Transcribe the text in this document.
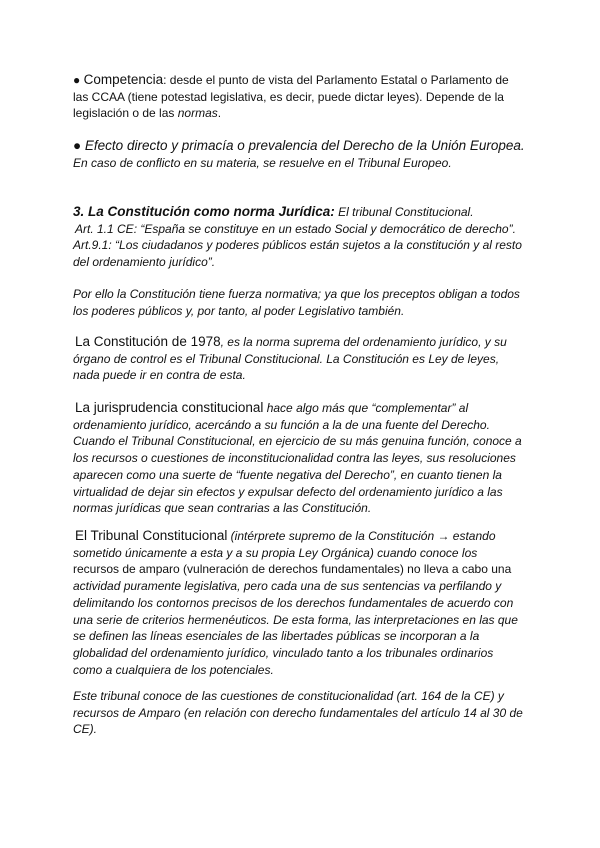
● Competencia: desde el punto de vista del Parlamento Estatal o Parlamento de
las CCAA (tiene potestad legislativa, es decir, puede dictar leyes). Depende de la
legislación o de las normas.
● Efecto directo y primacía o prevalencia del Derecho de la Unión Europea.
En caso de conflicto en su materia, se resuelve en el Tribunal Europeo.
3. La Constitución como norma Jurídica: El tribunal Constitucional.
Art. 1.1 CE: “España se constituye en un estado Social y democrático de derecho”.
Art.9.1: “Los ciudadanos y poderes públicos están sujetos a la constitución y al resto
del ordenamiento jurídico”.
Por ello la Constitución tiene fuerza normativa; ya que los preceptos obligan a todos
los poderes públicos y, por tanto, al poder Legislativo también.
La Constitución de 1978, es la norma suprema del ordenamiento jurídico, y su
órgano de control es el Tribunal Constitucional. La Constitución es Ley de leyes,
nada puede ir en contra de esta.
La jurisprudencia constitucional hace algo más que “complementar” al
ordenamiento jurídico, acercándo a su función a la de una fuente del Derecho.
Cuando el Tribunal Constitucional, en ejercicio de su más genuina función, conoce a
los recursos o cuestiones de inconstitucionalidad contra las leyes, sus resoluciones
aparecen como una suerte de “fuente negativa del Derecho”, en cuanto tienen la
virtualidad de dejar sin efectos y expulsar defecto del ordenamiento jurídico a las
normas jurídicas que sean contrarias a las Constitución.
El Tribunal Constitucional (intérprete supremo de la Constitución → estando
sometido únicamente a esta y a su propia Ley Orgánica) cuando conoce los
recursos de amparo (vulneración de derechos fundamentales) no lleva a cabo una
actividad puramente legislativa, pero cada una de sus sentencias va perfilando y
delimitando los contornos precisos de los derechos fundamentales de acuerdo con
una serie de criterios hermenéuticos. De esta forma, las interpretaciones en las que
se definen las líneas esenciales de las libertades públicas se incorporan a la
globalidad del ordenamiento jurídico, vinculado tanto a los tribunales ordinarios
como a cualquiera de los potenciales.
Este tribunal conoce de las cuestiones de constitucionalidad (art. 164 de la CE) y
recursos de Amparo (en relación con derecho fundamentales del artículo 14 al 30 de
CE).
